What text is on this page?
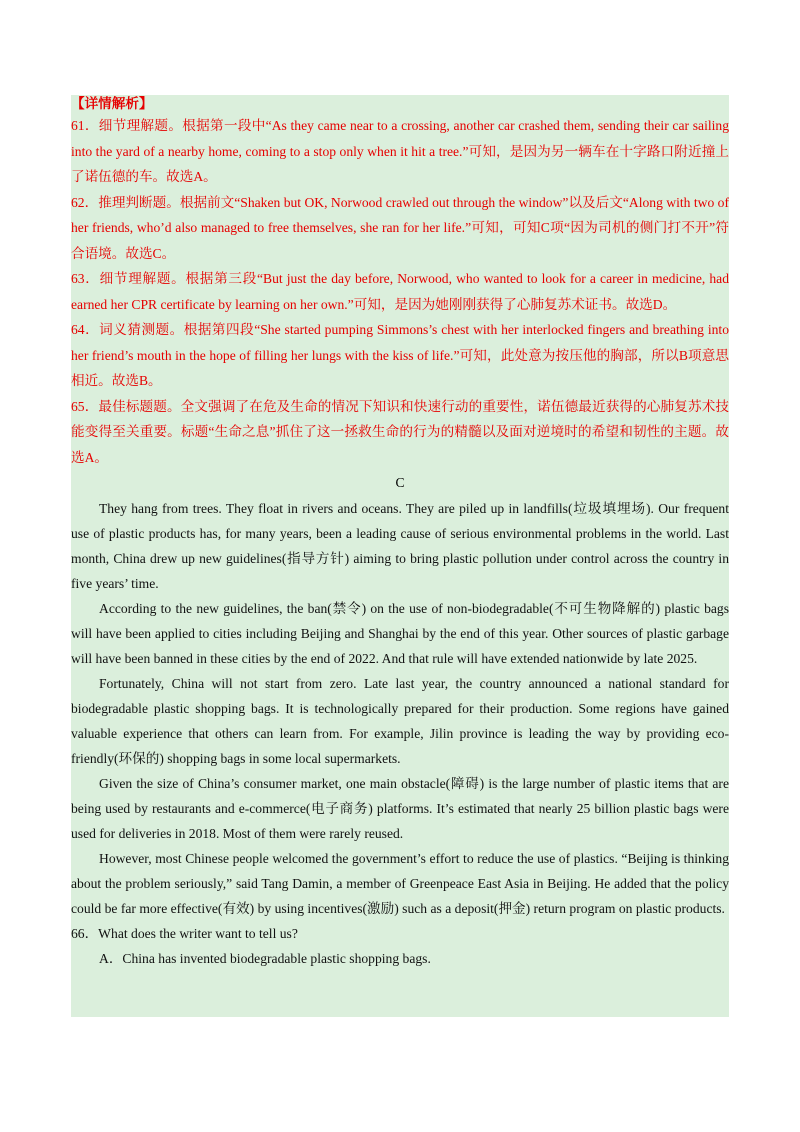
【详情解析】

61．细节理解题。根据第一段中“As they came near to a crossing, another car crashed them, sending their car sailing into the yard of a nearby home, coming to a stop only when it hit a tree.”可知，是因为另一辆车在十字路口附近撞上了诺伍德的车。故选A。

62．推理判断题。根据前文“Shaken but OK, Norwood crawled out through the window”以及后文“Along with two of her friends, who’d also managed to free themselves, she ran for her life.”可知，可知C项“因为司机的侧门打不开”符合语境。故选C。

63．细节理解题。根据第三段“But just the day before, Norwood, who wanted to look for a career in medicine, had earned her CPR certificate by learning on her own.”可知，是因为她刚刚获得了心肺复苏术证书。故选D。

64．词义猜测题。根据第四段“She started pumping Simmons’s chest with her interlocked fingers and breathing into her friend’s mouth in the hope of filling her lungs with the kiss of life.”可知，此处意为按压他的胸部，所以B项意思相近。故选B。

65．最佳标题题。全文强调了在危及生命的情况下知识和快速行动的重要性，诺伍德最近获得的心肺复苏术技能变得至关重要。标题“生命之息”抓住了这一拯救生命的行为的精髓以及面对逆境时的希望和韧性的主题。故选A。

C

They hang from trees. They float in rivers and oceans. They are piled up in landfills(垃圾填埋场). Our frequent use of plastic products has, for many years, been a leading cause of serious environmental problems in the world. Last month, China drew up new guidelines(指导方针) aiming to bring plastic pollution under control across the country in five years’ time.

According to the new guidelines, the ban(禁令) on the use of non-biodegradable(不可生物降解的) plastic bags will have been applied to cities including Beijing and Shanghai by the end of this year. Other sources of plastic garbage will have been banned in these cities by the end of 2022. And that rule will have extended nationwide by late 2025.

Fortunately, China will not start from zero. Late last year, the country announced a national standard for biodegradable plastic shopping bags. It is technologically prepared for their production. Some regions have gained valuable experience that others can learn from. For example, Jilin province is leading the way by providing eco-friendly(环保的) shopping bags in some local supermarkets.

Given the size of China’s consumer market, one main obstacle(障碍) is the large number of plastic items that are being used by restaurants and e-commerce(电子商务) platforms. It’s estimated that nearly 25 billion plastic bags were used for deliveries in 2018. Most of them were rarely reused.

However, most Chinese people welcomed the government’s effort to reduce the use of plastics. “Beijing is thinking about the problem seriously,” said Tang Damin, a member of Greenpeace East Asia in Beijing. He added that the policy could be far more effective(有效) by using incentives(激励) such as a deposit(押金) return program on plastic products.

66．What does the writer want to tell us?

A．China has invented biodegradable plastic shopping bags.
